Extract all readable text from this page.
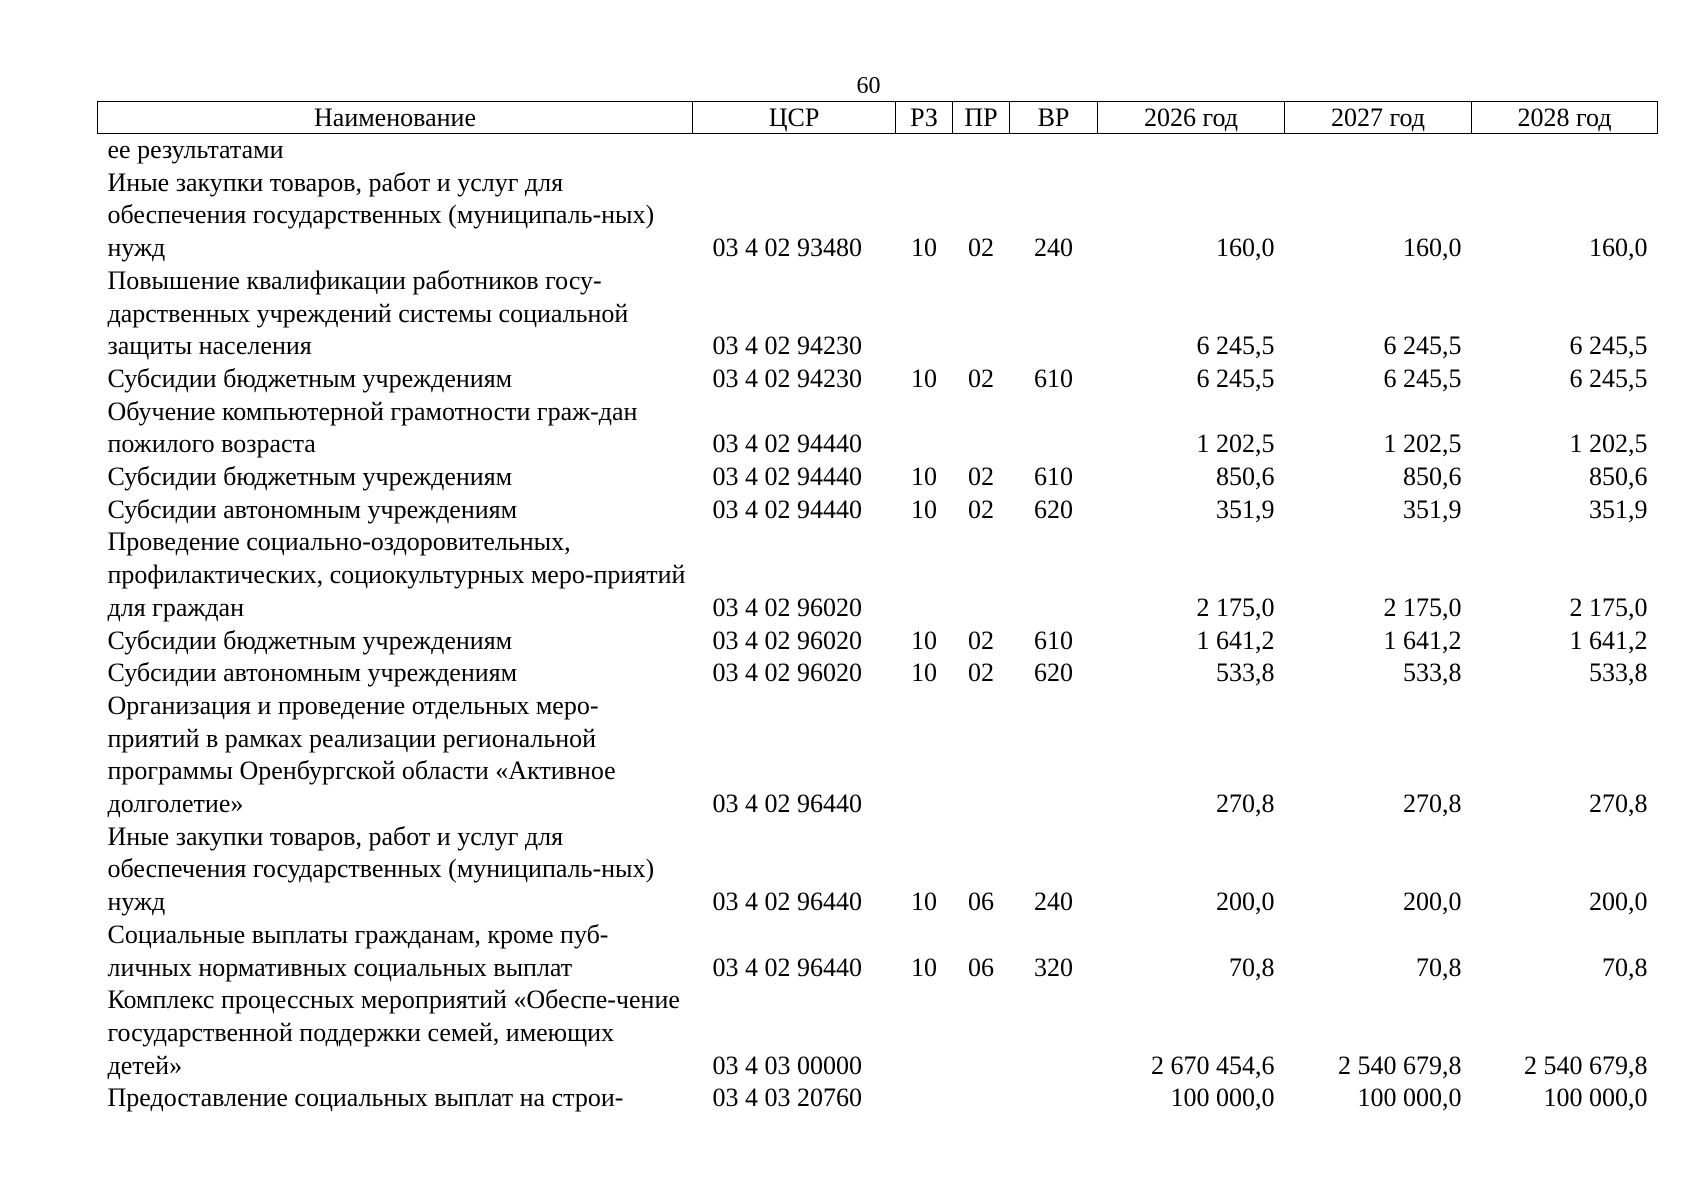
60
Наименование	ЦСР	РЗ	ПР	ВР	2026 год	2027 год	2028 год
ее результатами							
Иные закупки товаров, работ и услуг для обеспечения государственных (муниципаль-ных) нужд	03 4 02 93480	10	02	240	160,0	160,0	160,0
Повышение квалификации работников госу-дарственных учреждений системы социальной защиты населения	03 4 02 94230				6 245,5	6 245,5	6 245,5
Субсидии бюджетным учреждениям	03 4 02 94230	10	02	610	6 245,5	6 245,5	6 245,5
Обучение компьютерной грамотности граж-дан пожилого возраста	03 4 02 94440				1 202,5	1 202,5	1 202,5
Субсидии бюджетным учреждениям	03 4 02 94440	10	02	610	850,6	850,6	850,6
Субсидии автономным учреждениям	03 4 02 94440	10	02	620	351,9	351,9	351,9
Проведение социально-оздоровительных, профилактических, социокультурных меро-приятий для граждан	03 4 02 96020				2 175,0	2 175,0	2 175,0
Субсидии бюджетным учреждениям	03 4 02 96020	10	02	610	1 641,2	1 641,2	1 641,2
Субсидии автономным учреждениям	03 4 02 96020	10	02	620	533,8	533,8	533,8
Организация и проведение отдельных меро-приятий в рамках реализации региональной программы Оренбургской области «Активное долголетие»	03 4 02 96440				270,8	270,8	270,8
Иные закупки товаров, работ и услуг для обеспечения государственных (муниципаль-ных) нужд	03 4 02 96440	10	06	240	200,0	200,0	200,0
Социальные выплаты гражданам, кроме пуб-личных нормативных социальных выплат	03 4 02 96440	10	06	320	70,8	70,8	70,8
Комплекс процессных мероприятий «Обеспе-чение государственной поддержки семей, имеющих детей»	03 4 03 00000				2 670 454,6	2 540 679,8	2 540 679,8
Предоставление социальных выплат на строи-	03 4 03 20760				100 000,0	100 000,0	100 000,0
